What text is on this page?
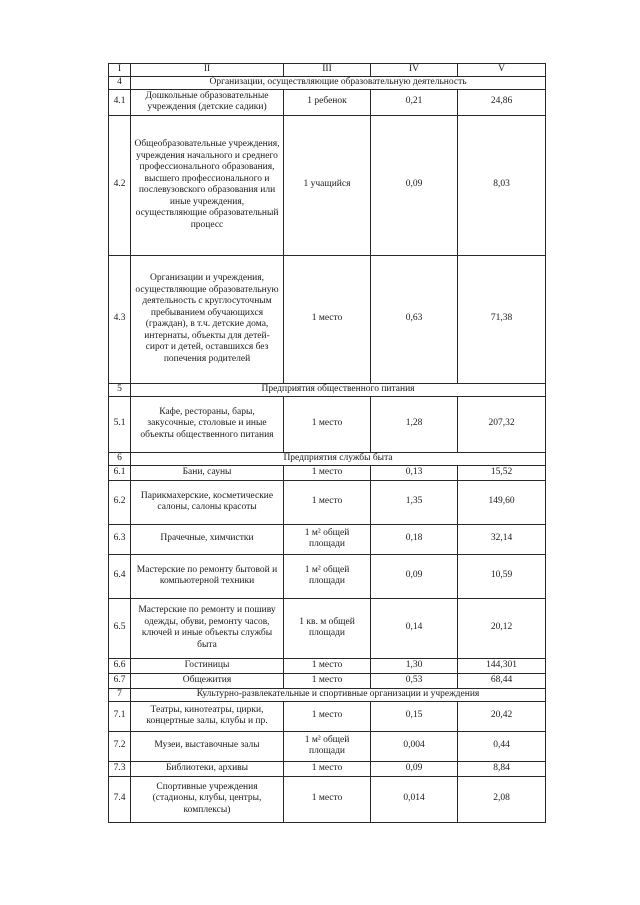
I	II	III	IV	V
4	Организации, осуществляющие образовательную деятельность			
4.1	Дошкольные образовательные учреждения (детские садики)	1 ребенок	0,21	24,86
4.2	Общеобразовательные учреждения, учреждения начального и среднего профессионального образования, высшего профессионального и послевузовского образования или иные учреждения, осуществляющие образовательный процесс	1 учащийся	0,09	8,03
4.3	Организации и учреждения, осуществляющие образовательную деятельность с круглосуточным пребыванием обучающихся (граждан), в т.ч. детские дома, интернаты, объекты для детей-сирот и детей, оставшихся без попечения родителей	1 место	0,63	71,38
5	Предприятия общественного питания			
5.1	Кафе, рестораны, бары, закусочные, столовые и иные объекты общественного питания	1 место	1,28	207,32
6	Предприятия службы быта			
6.1	Бани, сауны	1 место	0,13	15,52
6.2	Парикмахерские, косметические салоны, салоны красоты	1 место	1,35	149,60
6.3	Прачечные, химчистки	1 м² общей площади	0,18	32,14
6.4	Мастерские по ремонту бытовой и компьютерной техники	1 м² общей площади	0,09	10,59
6.5	Мастерские по ремонту и пошиву одежды, обуви, ремонту часов, ключей и иные объекты службы быта	1 кв. м общей площади	0,14	20,12
6.6	Гостиницы	1 место	1,30	144,301
6.7	Общежития	1 место	0,53	68,44
7	Культурно-развлекательные и спортивные организации и учреждения			
7.1	Театры, кинотеатры, цирки, концертные залы, клубы и пр.	1 место	0,15	20,42
7.2	Музеи, выставочные залы	1 м² общей площади	0,004	0,44
7.3	Библиотеки, архивы	1 место	0,09	8,84
7.4	Спортивные учреждения (стадионы, клубы, центры, комплексы)	1 место	0,014	2,08
